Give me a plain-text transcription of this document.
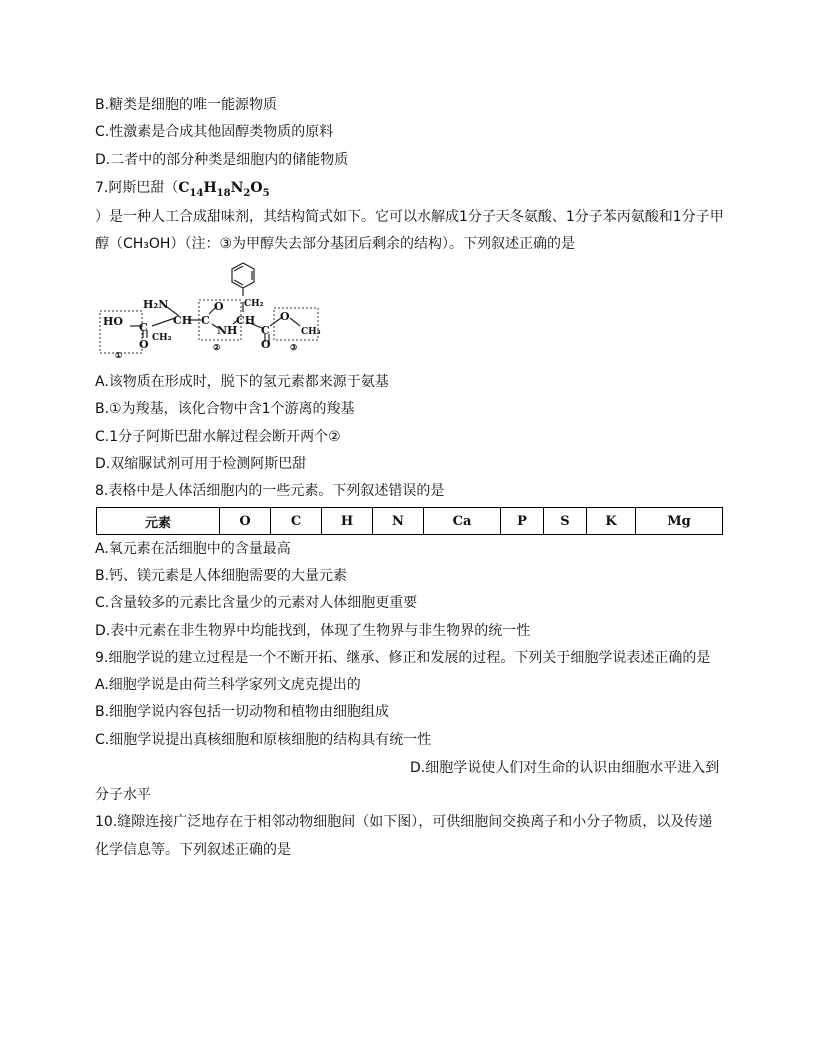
B.糖类是细胞的唯一能源物质
C.性激素是合成其他固醇类物质的原料
D.二者中的部分种类是细胞内的储能物质
7.阿斯巴甜（$C_{14}H_{18}N_2O_5$
）是一种人工合成甜味剂，其结构简式如下。它可以水解成1分子天冬氨酸、1分子苯丙氨酸和1分子甲
醇（CH₃OH）（注：③为甲醇失去部分基团后剩余的结构）。下列叙述正确的是
H₂N
HO C
O CH₂
CH C
O
NH
CH₂
CH
C
O
O
CH₃
①
②	③
A.该物质在形成时，脱下的氢元素都来源于氨基
B.①为羧基，该化合物中含1个游离的羧基
C.1分子阿斯巴甜水解过程会断开两个②
D.双缩脲试剂可用于检测阿斯巴甜
8.表格中是人体活细胞内的一些元素。下列叙述错误的是
元素	O	C	H	N	Ca	P	S	K	Mg
A.氧元素在活细胞中的含量最高
B.钙、镁元素是人体细胞需要的大量元素
C.含量较多的元素比含量少的元素对人体细胞更重要
D.表中元素在非生物界中均能找到，体现了生物界与非生物界的统一性
9.细胞学说的建立过程是一个不断开拓、继承、修正和发展的过程。下列关于细胞学说表述正确的是
A.细胞学说是由荷兰科学家列文虎克提出的
B.细胞学说内容包括一切动物和植物由细胞组成
C.细胞学说提出真核细胞和原核细胞的结构具有统一性
D.细胞学说使人们对生命的认识由细胞水平进入到
分子水平
10.缝隙连接广泛地存在于相邻动物细胞间（如下图），可供细胞间交换离子和小分子物质，以及传递
化学信息等。下列叙述正确的是
